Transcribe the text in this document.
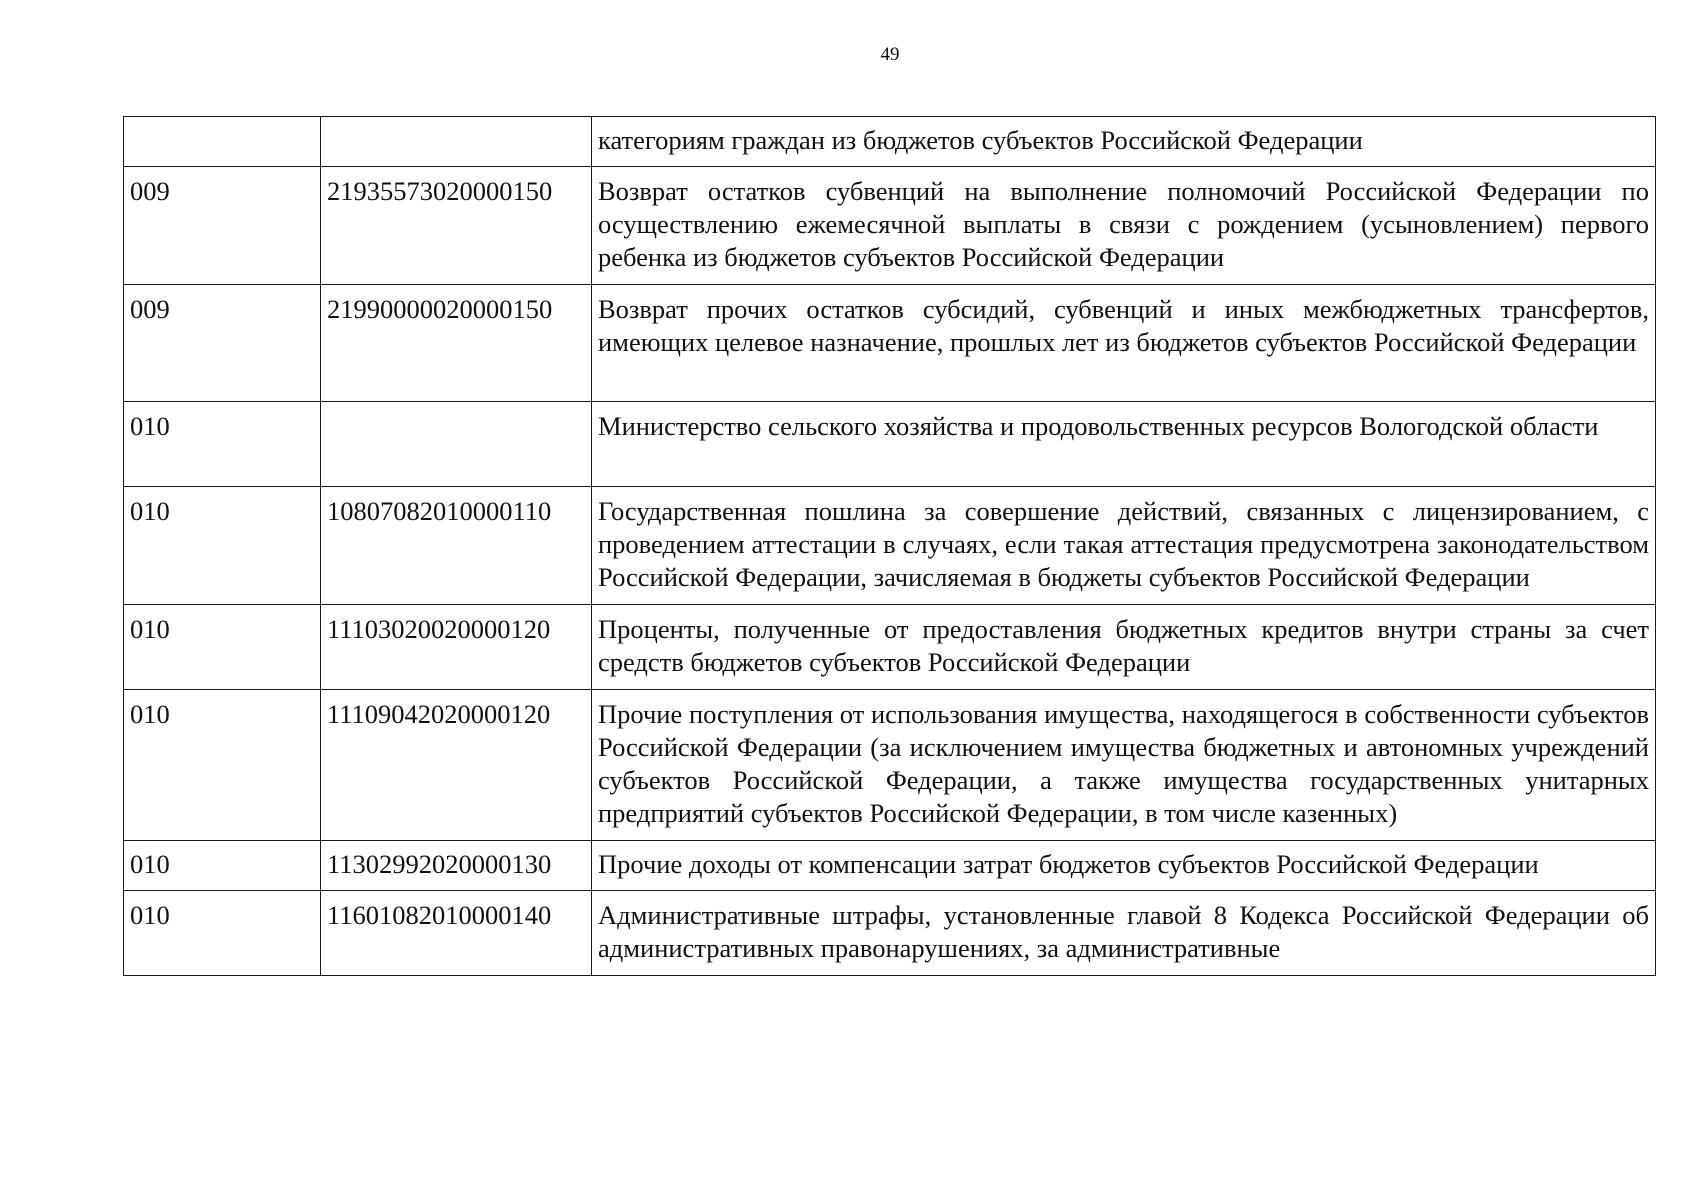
49
		категориям граждан из бюджетов субъектов Российской Федерации
009	21935573020000150	Возврат остатков субвенций на выполнение полномочий Российской Федерации по осуществлению ежемесячной выплаты в связи с рождением (усыновлением) первого ребенка из бюджетов субъектов Российской Федерации
009	21990000020000150	Возврат прочих остатков субсидий, субвенций и иных межбюджетных трансфертов, имеющих целевое назначение, прошлых лет из бюджетов субъектов Российской Федерации
010		Министерство сельского хозяйства и продовольственных ресурсов Вологодской области
010	10807082010000110	Государственная пошлина за совершение действий, связанных с лицензированием, с проведением аттестации в случаях, если такая аттестация предусмотрена законодательством Российской Федерации, зачисляемая в бюджеты субъектов Российской Федерации
010	11103020020000120	Проценты, полученные от предоставления бюджетных кредитов внутри страны за счет средств бюджетов субъектов Российской Федерации
010	11109042020000120	Прочие поступления от использования имущества, находящегося в собственности субъектов Российской Федерации (за исключением имущества бюджетных и автономных учреждений субъектов Российской Федерации, а также имущества государственных унитарных предприятий субъектов Российской Федерации, в том числе казенных)
010	11302992020000130	Прочие доходы от компенсации затрат бюджетов субъектов Российской Федерации
010	11601082010000140	Административные штрафы, установленные главой 8 Кодекса Российской Федерации об административных правонарушениях, за административные
